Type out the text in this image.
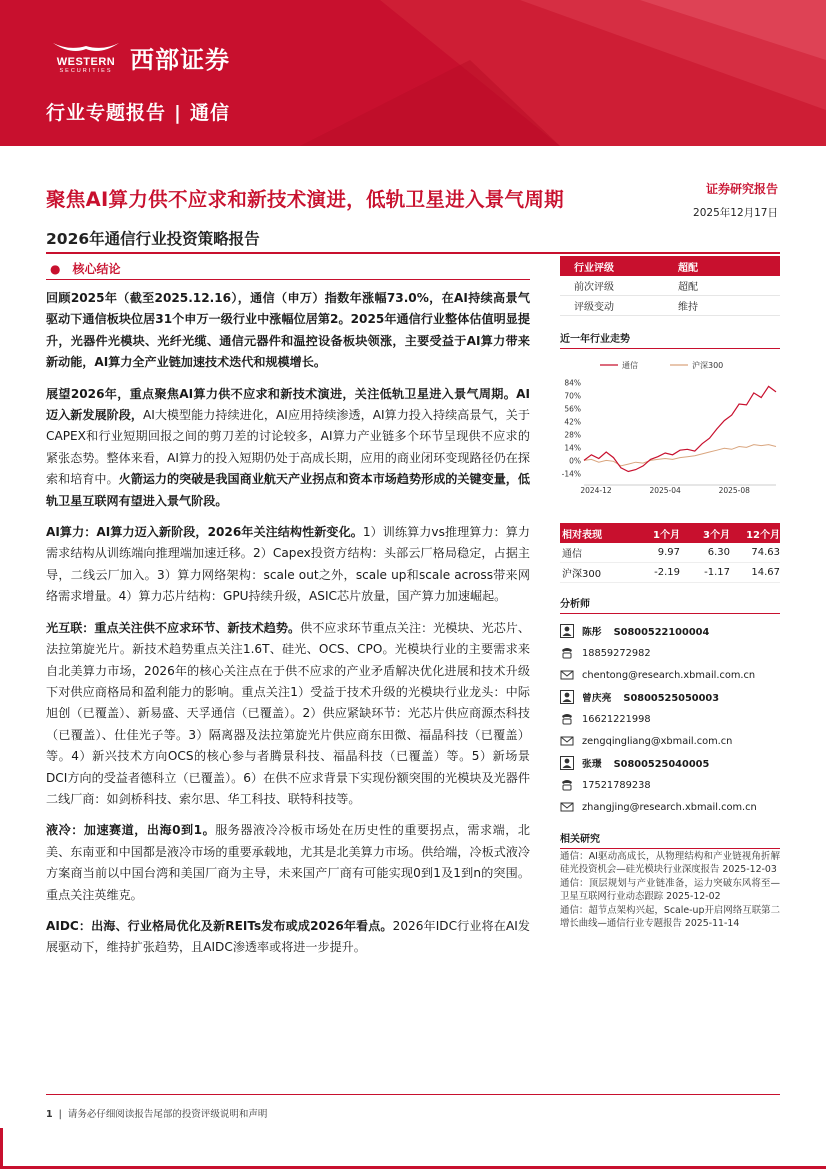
WESTERN
SECURITIES 西部证券
行业专题报告 | 通信
聚焦AI算力供不应求和新技术演进，低轨卫星进入景气周期
2026年通信行业投资策略报告
证券研究报告
2025年12月17日
● 核心结论

回顾2025年（截至2025.12.16），通信（申万）指数年涨幅73.0%，在AI持续高景气驱动下通信板块位居31个申万一级行业中涨幅位居第2。2025年通信行业整体估值明显提升，光器件光模块、光纤光缆、通信元器件和温控设备板块领涨，主要受益于AI算力带来新动能，AI算力全产业链加速技术迭代和规模增长。

展望2026年，重点聚焦AI算力供不应求和新技术演进，关注低轨卫星进入景气周期。AI迈入新发展阶段，AI大模型能力持续进化，AI应用持续渗透，AI算力投入持续高景气，关于CAPEX和行业短期回报之间的剪刀差的讨论较多，AI算力产业链多个环节呈现供不应求的紧张态势。整体来看，AI算力的投入短期仍处于高成长期，应用的商业闭环变现路径仍在探索和培育中。火箭运力的突破是我国商业航天产业拐点和资本市场趋势形成的关键变量，低轨卫星互联网有望进入景气阶段。

AI算力：AI算力迈入新阶段，2026年关注结构性新变化。1）训练算力vs推理算力：算力需求结构从训练端向推理端加速迁移。2）Capex投资方结构：头部云厂格局稳定，占据主导，二线云厂加入。3）算力网络架构：scale out之外，scale up和scale across带来网络需求增量。4）算力芯片结构：GPU持续升级，ASIC芯片放量，国产算力加速崛起。

光互联：重点关注供不应求环节、新技术趋势。供不应求环节重点关注：光模块、光芯片、法拉第旋光片。新技术趋势重点关注1.6T、硅光、OCS、CPO。光模块行业的主要需求来自北美算力市场，2026年的核心关注点在于供不应求的产业矛盾解决优化进展和技术升级下对供应商格局和盈利能力的影响。重点关注1）受益于技术升级的光模块行业龙头：中际旭创（已覆盖）、新易盛、天孚通信（已覆盖）。2）供应紧缺环节：光芯片供应商源杰科技（已覆盖）、仕佳光子等。3）隔离器及法拉第旋光片供应商东田微、福晶科技（已覆盖）等。4）新兴技术方向OCS的核心参与者腾景科技、福晶科技（已覆盖）等。5）新场景DCI方向的受益者德科立（已覆盖）。6）在供不应求背景下实现份额突围的光模块及光器件二线厂商：如剑桥科技、索尔思、华工科技、联特科技等。

液冷：加速赛道，出海0到1。服务器液冷冷板市场处在历史性的重要拐点，需求端，北美、东南亚和中国都是液冷市场的重要承载地，尤其是北美算力市场。供给端，冷板式液冷方案商当前以中国台湾和美国厂商为主导，未来国产厂商有可能实现0到1及1到n的突围。重点关注英维克。

AIDC：出海、行业格局优化及新REITs发布或成2026年看点。2026年IDC行业将在AI发展驱动下，维持扩张趋势，且AIDC渗透率或将进一步提升。

行业评级	超配
前次评级	超配
评级变动	维持
近一年行业走势
通信	沪深300
84%
70%
56%
42%
28%
14%
0%
-14%
2024-12	2025-04	2025-08
相对表现	1个月	3个月	12个月
通信	9.97	6.30	74.63
沪深300	-2.19	-1.17	14.67
分析师
陈彤 S0800522100004
18859272982
chentong@research.xbmail.com.cn
曾庆亮 S0800525050003
16621221998
zengqingliang@xbmail.com.cn
张璟 S0800525040005
17521789238
zhangjing@research.xbmail.com.cn
相关研究

通信：AI驱动高成长，从物理结构和产业链视角折解硅光投资机会—硅光模块行业深度报告 2025-12-03

通信：顶层规划与产业链准备，运力突破东风将至—卫星互联网行业动态跟踪 2025-12-02

通信：超节点架构兴起，Scale-up开启网络互联第二增长曲线—通信行业专题报告 2025-11-14

1 | 请务必仔细阅读报告尾部的投资评级说明和声明
